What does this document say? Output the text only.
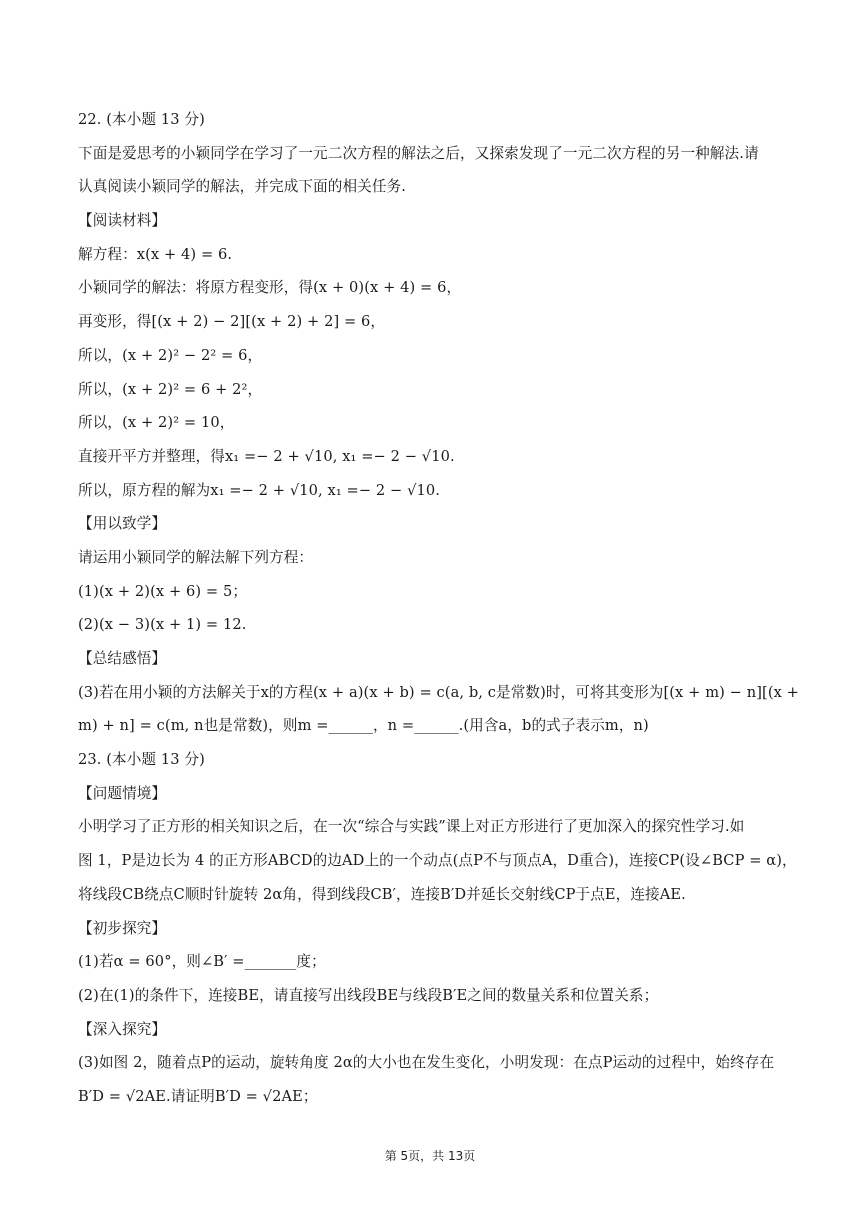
22. (本小题 13 分)
下面是爱思考的小颖同学在学习了一元二次方程的解法之后，又探索发现了一元二次方程的另一种解法.请
认真阅读小颖同学的解法，并完成下面的相关任务.
【阅读材料】
解方程：x(x + 4) = 6.
小颖同学的解法：将原方程变形，得(x + 0)(x + 4) = 6，
再变形，得[(x + 2) − 2][(x + 2) + 2] = 6，
所以，(x + 2)² − 2² = 6，
所以，(x + 2)² = 6 + 2²，
所以，(x + 2)² = 10，
直接开平方并整理，得x₁ =− 2 + √10, x₁ =− 2 − √10.
所以，原方程的解为x₁ =− 2 + √10, x₁ =− 2 − √10.
【用以致学】
请运用小颖同学的解法解下列方程：
(1)(x + 2)(x + 6) = 5；
(2)(x − 3)(x + 1) = 12.
【总结感悟】
(3)若在用小颖的方法解关于x的方程(x + a)(x + b) = c(a, b, c是常数)时，可将其变形为[(x + m) − n][(x +
m) + n] = c(m, n也是常数)，则m =______，n =______.(用含a，b的式子表示m，n)
23. (本小题 13 分)
【问题情境】
小明学习了正方形的相关知识之后，在一次“综合与实践”课上对正方形进行了更加深入的探究性学习.如
图 1，P是边长为 4 的正方形ABCD的边AD上的一个动点(点P不与顶点A，D重合)，连接CP(设∠BCP = α)，
将线段CB绕点C顺时针旋转 2α角，得到线段CB′，连接B′D并延长交射线CP于点E，连接AE.
【初步探究】
(1)若α = 60°，则∠B′ =_______度；
(2)在(1)的条件下，连接BE，请直接写出线段BE与线段B′E之间的数量关系和位置关系；
【深入探究】
(3)如图 2，随着点P的运动，旋转角度 2α的大小也在发生变化，小明发现：在点P运动的过程中，始终存在
B′D = √2AE.请证明B′D = √2AE；
第 5页，共 13页
